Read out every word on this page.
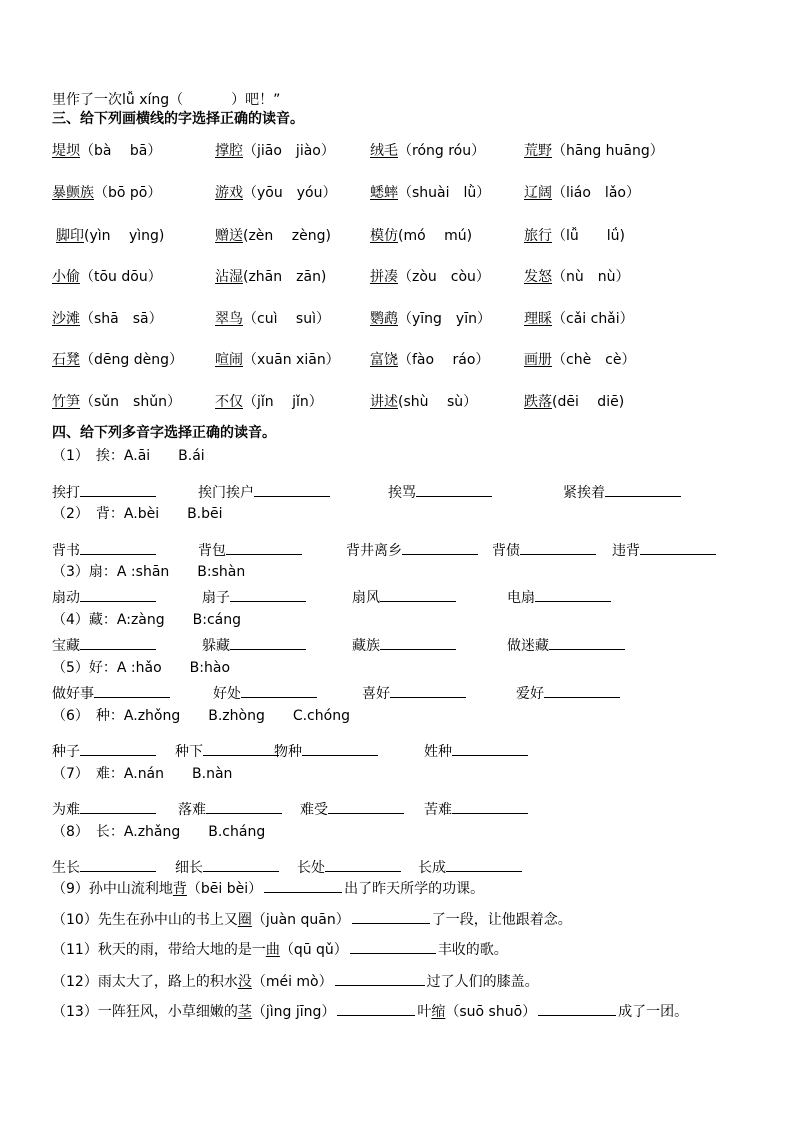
里作了一次lǚ xíng（	）吧！”
三、给下列画横线的字选择正确的读音。
堤坝（bà　 bā）	撑腔（jiāo　jiào）	绒毛（róng róu）	荒野（hāng huāng）
暴颤族（bō pō）	游戏（yōu　yóu） 蟋蟀（shuài　lǜ） 辽阔（liáo　lǎo）
脚印(yìn　 yìng)	赠送(zèn　 zèng)	模仿(mó　 mú)	旅行（lǚ　　lǘ)
小偷（tōu dōu）	沾湿(zhān　zān)	拼凑（zòu　còu） 发怒（nù　nù）
沙滩（shā　sā）	翠鸟（cuì　 suì）	鹦鹉（yīng　yīn） 理睬（cǎi chǎi）
石凳（dēng dèng） 喧闹（xuān xiān） 富饶（fào　 ráo） 画册（chè　cè）
竹笋（sǔn　shǔn） 不仅（jǐn　 jǐn）	讲述(shù　 sù）	跌落(dēi　 diē)
四、给下列多音字选择正确的读音。
（1）　挨：A.āi　　B.ái
挨打	挨门挨户	挨骂	紧挨着
（2）　背：A.bèi　　B.bēi
背书	背包	背井离乡	背债	违背
（3）扇：A :shān　　B:shàn
扇动	扇子	扇风	电扇
（4）藏：A:zàng　　B:cáng
宝藏	躲藏	藏族	做迷藏
（5）好：A :hǎo　　B:hào
做好事	好处	喜好	爱好
（6）　种：A.zhǒng　　B.zhòng　　C.chóng
种子	种下	物种	姓种
（7）　难：A.nán　　B.nàn
为难	落难	难受	苦难
（8）　长：A.zhǎng　　B.cháng
生长	细长	长处	长成
（9）孙中山流利地背（bēi bèi）	出了昨天所学的功课。
（10）先生在孙中山的书上又圈（juàn quān）	了一段，让他跟着念。
（11）秋天的雨，带给大地的是一曲（qū qǔ）	丰收的歌。
（12）雨太大了，路上的积水没（méi mò）	过了人们的膝盖。
（13）一阵狂风，小草细嫩的茎（jìng jīng）	叶缩（suō shuō）	成了一团。
